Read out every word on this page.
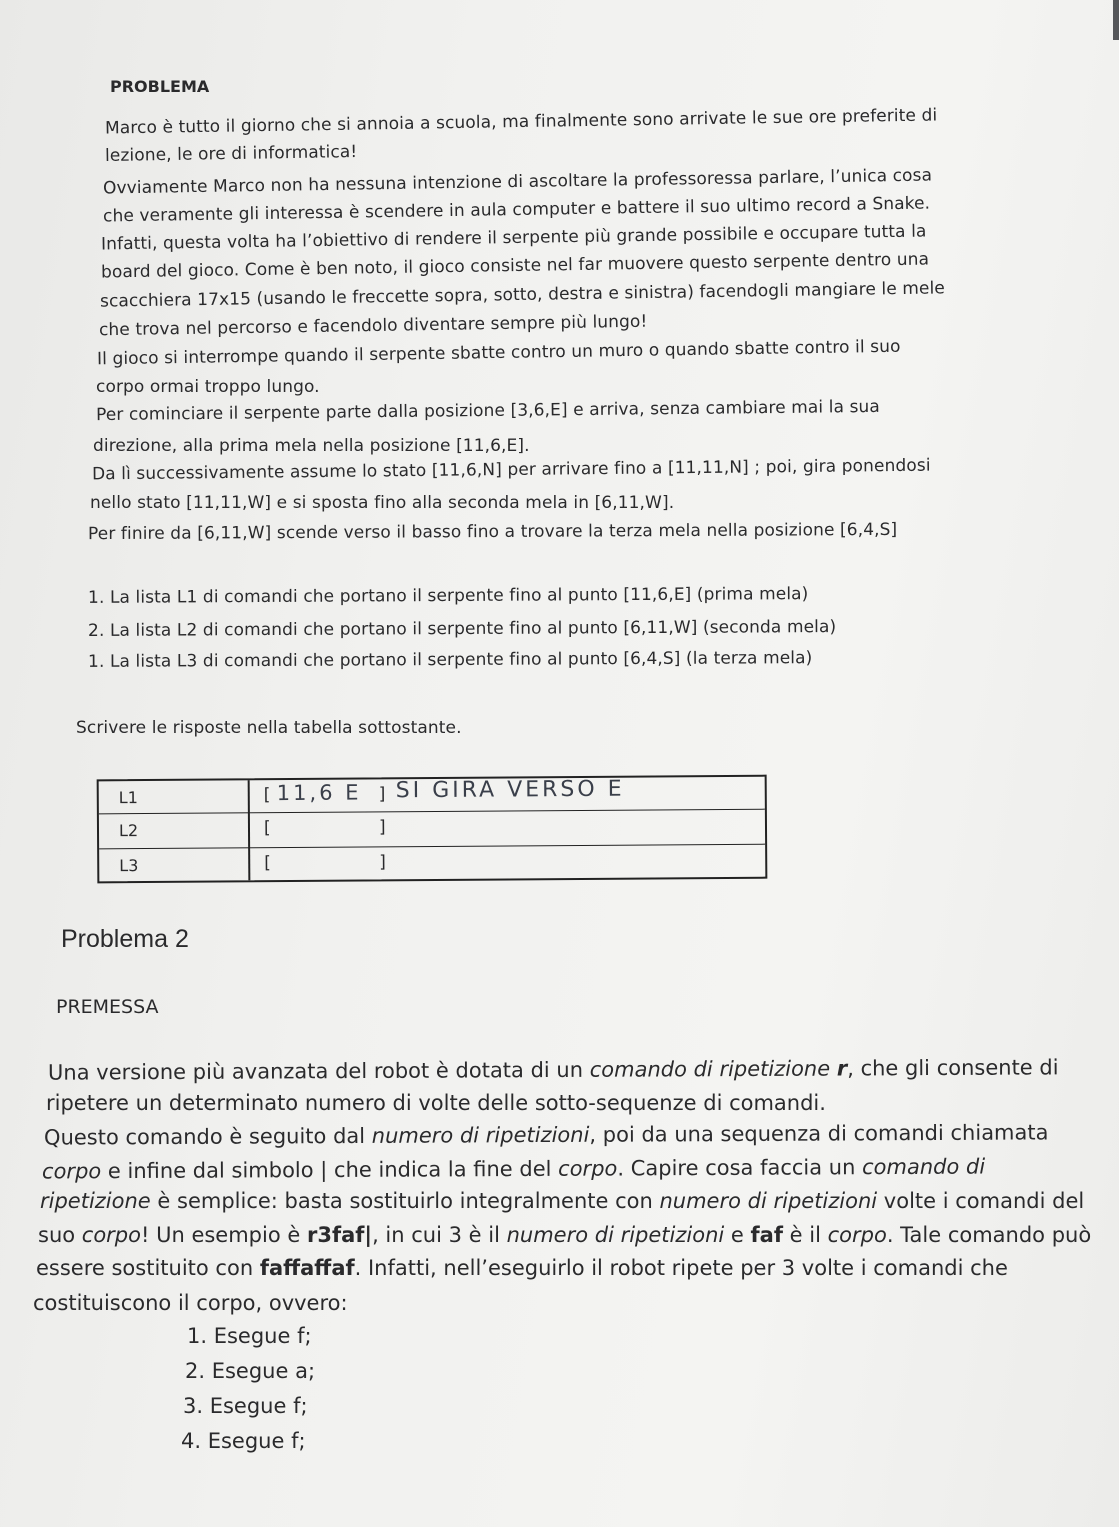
PROBLEMA
Marco è tutto il giorno che si annoia a scuola, ma finalmente sono arrivate le sue ore preferite di
lezione, le ore di informatica!
Ovviamente Marco non ha nessuna intenzione di ascoltare la professoressa parlare, l’unica cosa
che veramente gli interessa è scendere in aula computer e battere il suo ultimo record a Snake.
Infatti, questa volta ha l’obiettivo di rendere il serpente più grande possibile e occupare tutta la
board del gioco. Come è ben noto, il gioco consiste nel far muovere questo serpente dentro una
scacchiera 17x15 (usando le freccette sopra, sotto, destra e sinistra) facendogli mangiare le mele
che trova nel percorso e facendolo diventare sempre più lungo!
Il gioco si interrompe quando il serpente sbatte contro un muro o quando sbatte contro il suo
corpo ormai troppo lungo.
Per cominciare il serpente parte dalla posizione [3,6,E] e arriva, senza cambiare mai la sua
direzione, alla prima mela nella posizione [11,6,E].
Da lì successivamente assume lo stato [11,6,N] per arrivare fino a [11,11,N] ; poi, gira ponendosi
nello stato [11,11,W] e si sposta fino alla seconda mela in [6,11,W].
Per finire da [6,11,W] scende verso il basso fino a trovare la terza mela nella posizione [6,4,S]
1. La lista L1 di comandi che portano il serpente fino al punto [11,6,E] (prima mela)
2. La lista L2 di comandi che portano il serpente fino al punto [6,11,W] (seconda mela)
1. La lista L3 di comandi che portano il serpente fino al punto [6,4,S] (la terza mela)
Scrivere le risposte nella tabella sottostante.
L1	[ 11,6 E ] SI GIRA VERSO E
L2	[	]
L3	[	]
Problema 2
PREMESSA
Una versione più avanzata del robot è dotata di un comando di ripetizione r, che gli consente di
ripetere un determinato numero di volte delle sotto-sequenze di comandi.
Questo comando è seguito dal numero di ripetizioni, poi da una sequenza di comandi chiamata
corpo e infine dal simbolo | che indica la fine del corpo. Capire cosa faccia un comando di
ripetizione è semplice: basta sostituirlo integralmente con numero di ripetizioni volte i comandi del
suo corpo! Un esempio è r3faf|, in cui 3 è il numero di ripetizioni e faf è il corpo. Tale comando può
essere sostituito con faffaffaf. Infatti, nell’eseguirlo il robot ripete per 3 volte i comandi che
costituiscono il corpo, ovvero:
1. Esegue f;
2. Esegue a;
3. Esegue f;
4. Esegue f;
